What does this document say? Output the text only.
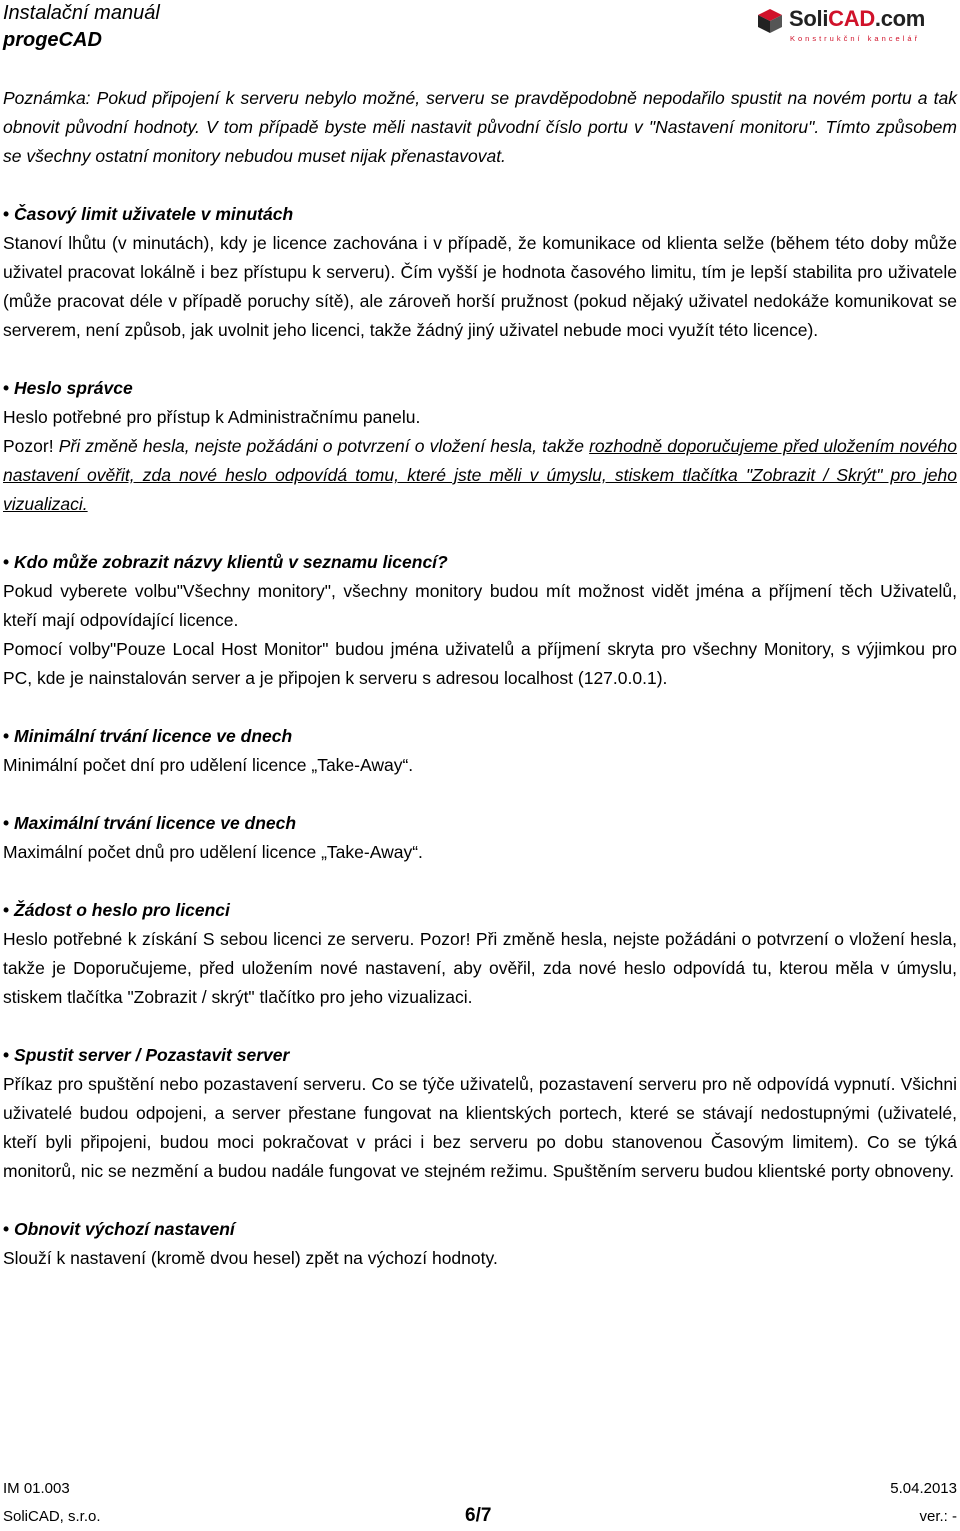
Instalační manuál
progeCAD
SoliCAD.com
Konstrukční kancelář

Poznámka: Pokud připojení k serveru nebylo možné, serveru se pravděpodobně nepodařilo spustit na novém portu a tak obnovit původní hodnoty. V tom případě byste měli nastavit původní číslo portu v "Nastavení monitoru". Tímto způsobem se všechny ostatní monitory nebudou muset nijak přenastavovat.

• Časový limit uživatele v minutách

Stanoví lhůtu (v minutách), kdy je licence zachována i v případě, že komunikace od klienta selže (během této doby může uživatel pracovat lokálně i bez přístupu k serveru). Čím vyšší je hodnota časového limitu, tím je lepší stabilita pro uživatele (může pracovat déle v případě poruchy sítě), ale zároveň horší pružnost (pokud nějaký uživatel nedokáže komunikovat se serverem, není způsob, jak uvolnit jeho licenci, takže žádný jiný uživatel nebude moci využít této licence).

• Heslo správce

Heslo potřebné pro přístup k Administračnímu panelu.

Pozor! Při změně hesla, nejste požádáni o potvrzení o vložení hesla, takže rozhodně doporučujeme před uložením nového nastavení ověřit, zda nové heslo odpovídá tomu, které jste měli v úmyslu, stiskem tlačítka "Zobrazit / Skrýt" pro jeho vizualizaci.

• Kdo může zobrazit názvy klientů v seznamu licencí?

Pokud vyberete volbu"Všechny monitory", všechny monitory budou mít možnost vidět jména a příjmení těch Uživatelů, kteří mají odpovídající licence.

Pomocí volby"Pouze Local Host Monitor" budou jména uživatelů a příjmení skryta pro všechny Monitory, s výjimkou pro PC, kde je nainstalován server a je připojen k serveru s adresou localhost (127.0.0.1).

• Minimální trvání licence ve dnech

Minimální počet dní pro udělení licence „Take-Away“.

• Maximální trvání licence ve dnech

Maximální počet dnů pro udělení licence „Take-Away“.

• Žádost o heslo pro licenci

Heslo potřebné k získání S sebou licenci ze serveru. Pozor! Při změně hesla, nejste požádáni o potvrzení o vložení hesla, takže je Doporučujeme, před uložením nové nastavení, aby ověřil, zda nové heslo odpovídá tu, kterou měla v úmyslu, stiskem tlačítka "Zobrazit / skrýt" tlačítko pro jeho vizualizaci.

• Spustit server / Pozastavit server

Příkaz pro spuštění nebo pozastavení serveru. Co se týče uživatelů, pozastavení serveru pro ně odpovídá vypnutí. Všichni uživatelé budou odpojeni, a server přestane fungovat na klientských portech, které se stávají nedostupnými (uživatelé, kteří byli připojeni, budou moci pokračovat v práci i bez serveru po dobu stanovenou Časovým limitem). Co se týká monitorů, nic se nezmění a budou nadále fungovat ve stejném režimu. Spuštěním serveru budou klientské porty obnoveny.

• Obnovit výchozí nastavení

Slouží k nastavení (kromě dvou hesel) zpět na výchozí hodnoty.

IM 01.003	5.04.2013
SoliCAD, s.r.o.	6/7	ver.: -
